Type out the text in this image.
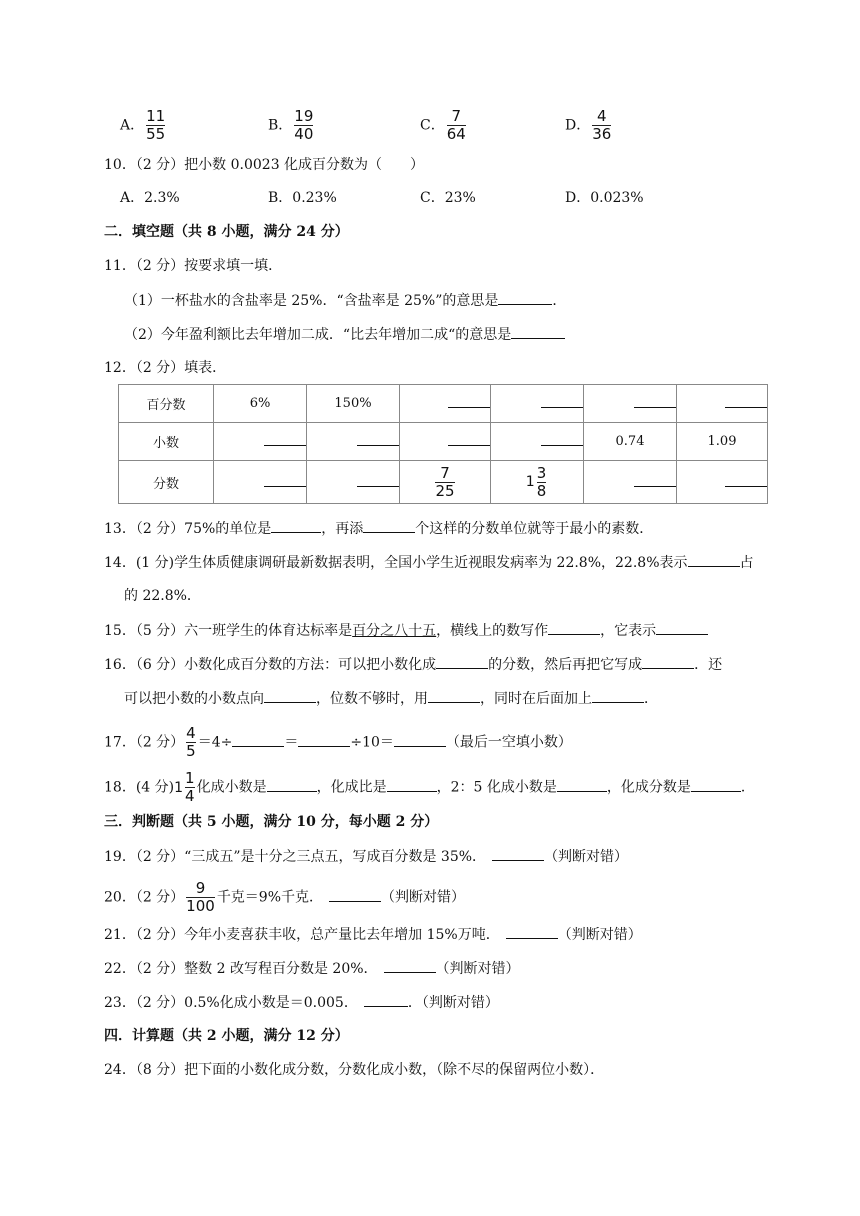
A． $\frac{11}{55}$	B． $\frac{19}{40}$	C． $\frac{7}{64}$	D． $\frac{4}{36}$
10．（2 分）把小数 0.0023 化成百分数为（　　）
A．2.3%	B．0.23%	C．23%	D．0.023%
二．填空题（共 8 小题，满分 24 分）
11．（2 分）按要求填一填．
（1）一杯盐水的含盐率是 25%．“含盐率是 25%”的意思是	．
（2）今年盈利额比去年增加二成．“比去年增加二成“的意思是
12．（2 分）填表．
百分数	6%	150%				
小数					0.74	1.09
分数			$\frac{7}{25}$	$1 \frac{3}{8}$

13．（2 分）75%的单位是	，再添	个这样的分数单位就等于最小的素数．
14．(1 分)学生体质健康调研最新数据表明，全国小学生近视眼发病率为 22.8%，22.8%表示	占
的 22.8%．
15．（5 分）六一班学生的体育达标率是百分之八十五，横线上的数写作	，它表示
16．（6 分）小数化成百分数的方法：可以把小数化成	的分数，然后再把它写成	．还
可以把小数的小数点向	，位数不够时，用	，同时在后面加上	．
17．（2 分） $\frac{4}{5} =4\div$	＝	÷10＝	（最后一空填小数）
18．(4 分) $1 \frac{1}{4}$ 化成小数是	，化成比是	，2：5 化成小数是	，化成分数是	．
三．判断题（共 5 小题，满分 10 分，每小题 2 分）
19．（2 分）“三成五”是十分之三点五，写成百分数是 35%．	（判断对错）
20．（2 分） $\frac{9}{100}$ 千克＝9%千克．	（判断对错）
21．（2 分）今年小麦喜获丰收，总产量比去年增加 15%万吨．	（判断对错）
22．（2 分）整数 2 改写程百分数是 20%．	（判断对错）
23．（2 分）0.5%化成小数是＝0.005．	．（判断对错）
四．计算题（共 2 小题，满分 12 分）
24．（8 分）把下面的小数化成分数，分数化成小数，（除不尽的保留两位小数）．
